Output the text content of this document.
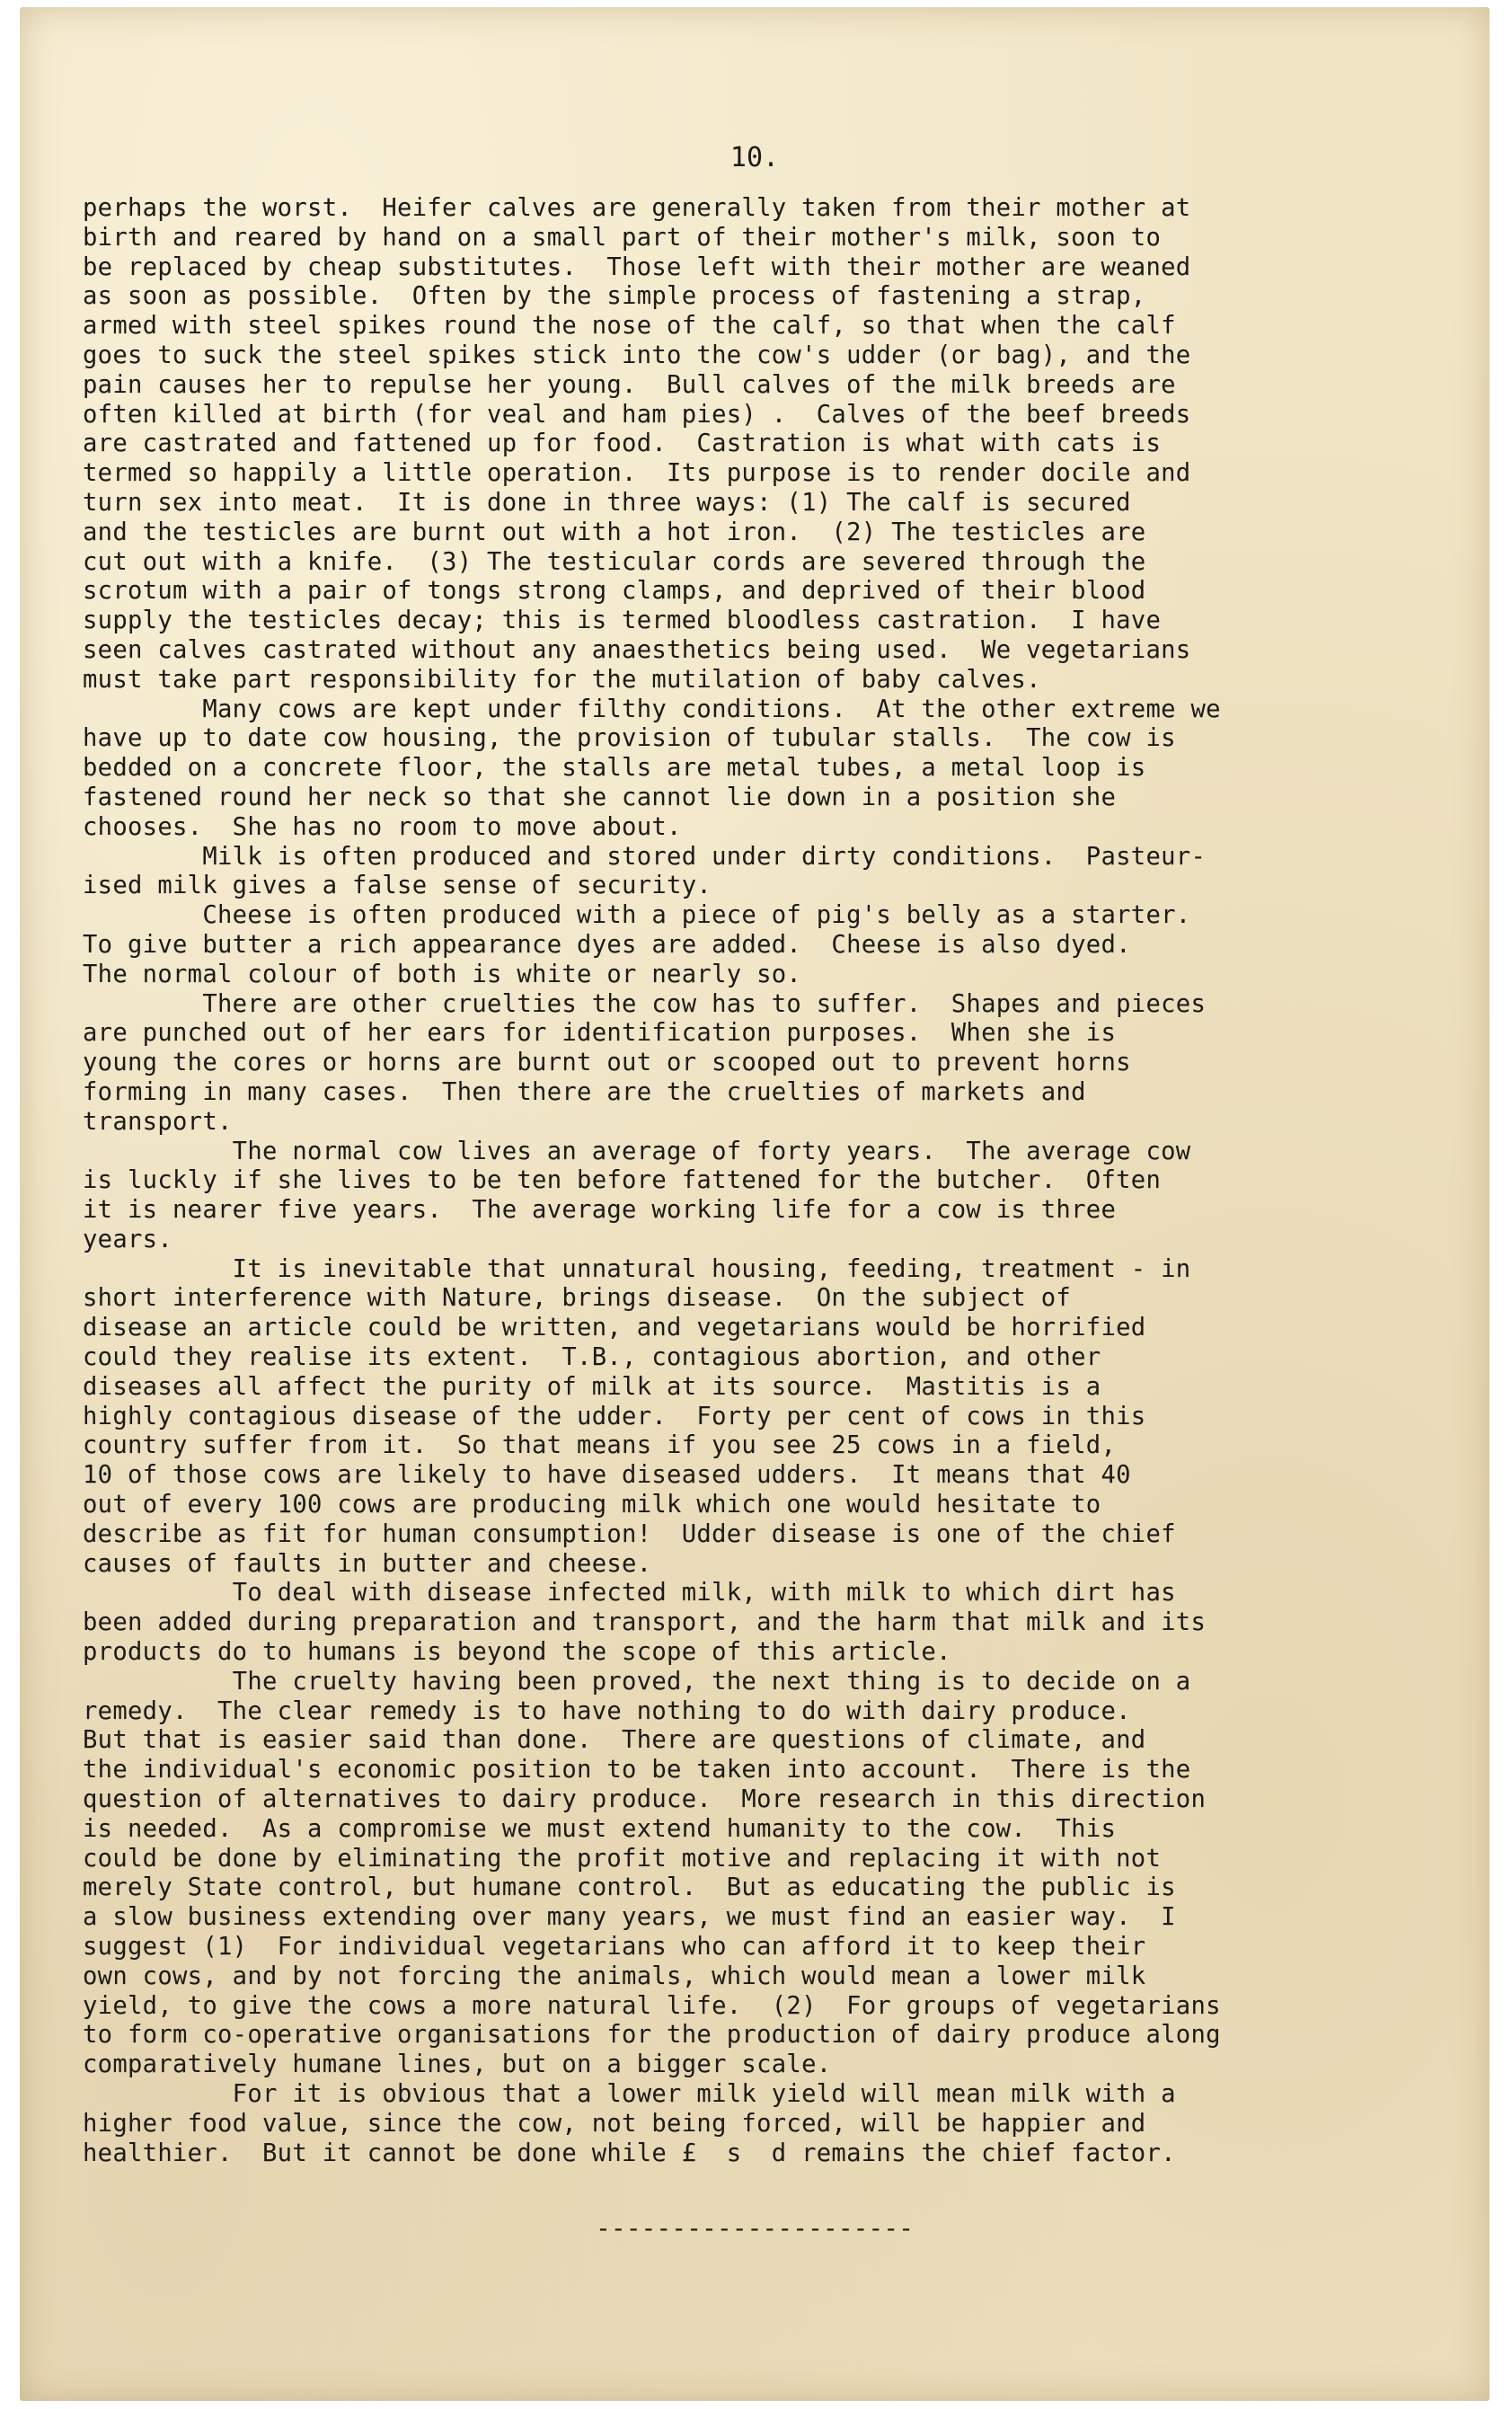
10.
perhaps the worst.  Heifer calves are generally taken from their mother at
birth and reared by hand on a small part of their mother's milk, soon to
be replaced by cheap substitutes.  Those left with their mother are weaned
as soon as possible.  Often by the simple process of fastening a strap,
armed with steel spikes round the nose of the calf, so that when the calf
goes to suck the steel spikes stick into the cow's udder (or bag), and the
pain causes her to repulse her young.  Bull calves of the milk breeds are
often killed at birth (for veal and ham pies) .  Calves of the beef breeds
are castrated and fattened up for food.  Castration is what with cats is
termed so happily a little operation.  Its purpose is to render docile and
turn sex into meat.  It is done in three ways: (1) The calf is secured
and the testicles are burnt out with a hot iron.  (2) The testicles are
cut out with a knife.  (3) The testicular cords are severed through the
scrotum with a pair of tongs strong clamps, and deprived of their blood
supply the testicles decay; this is termed bloodless castration.  I have
seen calves castrated without any anaesthetics being used.  We vegetarians
must take part responsibility for the mutilation of baby calves.
Many cows are kept under filthy conditions.  At the other extreme we
have up to date cow housing, the provision of tubular stalls.  The cow is
bedded on a concrete floor, the stalls are metal tubes, a metal loop is
fastened round her neck so that she cannot lie down in a position she
chooses.  She has no room to move about.
Milk is often produced and stored under dirty conditions.  Pasteur-
ised milk gives a false sense of security.
Cheese is often produced with a piece of pig's belly as a starter.
To give butter a rich appearance dyes are added.  Cheese is also dyed.
The normal colour of both is white or nearly so.
There are other cruelties the cow has to suffer.  Shapes and pieces
are punched out of her ears for identification purposes.  When she is
young the cores or horns are burnt out or scooped out to prevent horns
forming in many cases.  Then there are the cruelties of markets and
transport.
The normal cow lives an average of forty years.  The average cow
is luckly if she lives to be ten before fattened for the butcher.  Often
it is nearer five years.  The average working life for a cow is three
years.
It is inevitable that unnatural housing, feeding, treatment - in
short interference with Nature, brings disease.  On the subject of
disease an article could be written, and vegetarians would be horrified
could they realise its extent.  T.B., contagious abortion, and other
diseases all affect the purity of milk at its source.  Mastitis is a
highly contagious disease of the udder.  Forty per cent of cows in this
country suffer from it.  So that means if you see 25 cows in a field,
10 of those cows are likely to have diseased udders.  It means that 40
out of every 100 cows are producing milk which one would hesitate to
describe as fit for human consumption!  Udder disease is one of the chief
causes of faults in butter and cheese.
To deal with disease infected milk, with milk to which dirt has
been added during preparation and transport, and the harm that milk and its
products do to humans is beyond the scope of this article.
The cruelty having been proved, the next thing is to decide on a
remedy.  The clear remedy is to have nothing to do with dairy produce.
But that is easier said than done.  There are questions of climate, and
the individual's economic position to be taken into account.  There is the
question of alternatives to dairy produce.  More research in this direction
is needed.  As a compromise we must extend humanity to the cow.  This
could be done by eliminating the profit motive and replacing it with not
merely State control, but humane control.  But as educating the public is
a slow business extending over many years, we must find an easier way.  I
suggest (1)  For individual vegetarians who can afford it to keep their
own cows, and by not forcing the animals, which would mean a lower milk
yield, to give the cows a more natural life.  (2)  For groups of vegetarians
to form co-operative organisations for the production of dairy produce along
comparatively humane lines, but on a bigger scale.
For it is obvious that a lower milk yield will mean milk with a
higher food value, since the cow, not being forced, will be happier and
healthier.  But it cannot be done while £  s  d remains the chief factor.
---------------------
